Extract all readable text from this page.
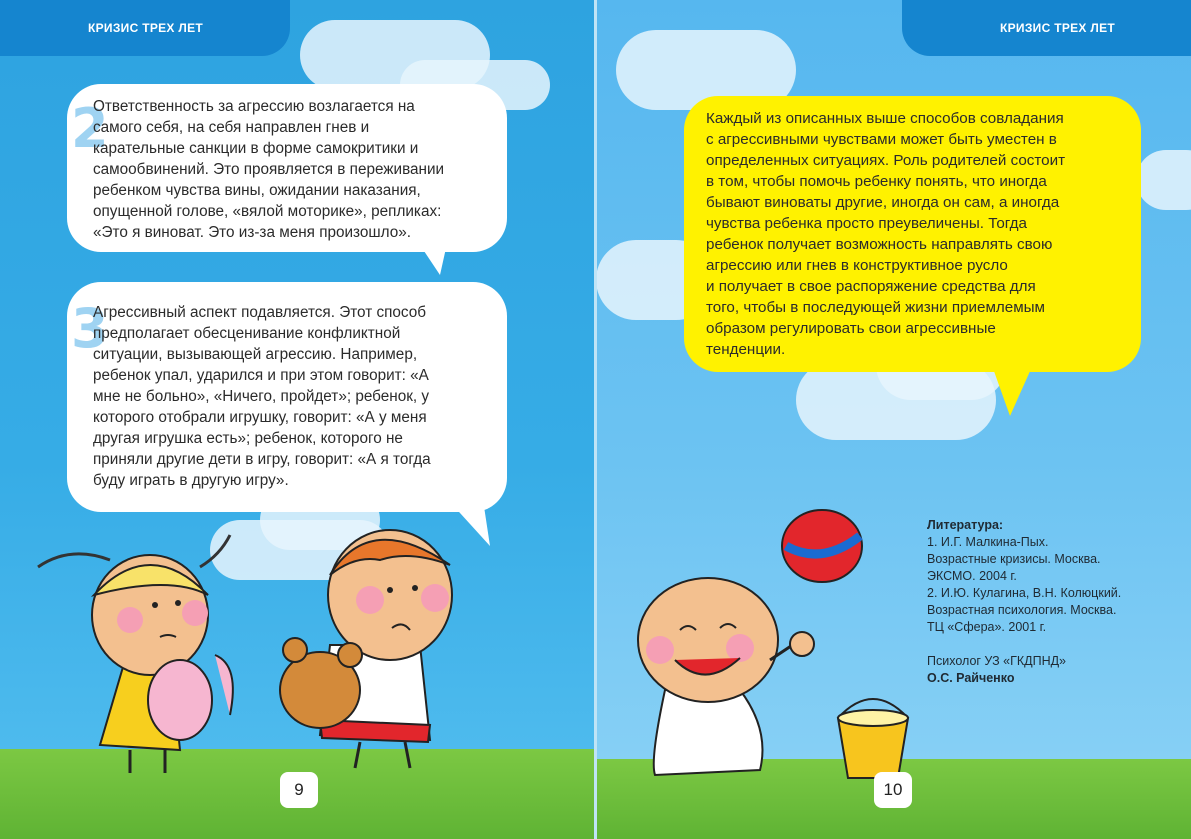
КРИЗИС ТРЕХ ЛЕТ	КРИЗИС ТРЕХ ЛЕТ
2

Ответственность за агрессию возлагается на
самого себя, на себя направлен гнев и
карательные санкции в форме самокритики и
самообвинений. Это проявляется в переживании
ребенком чувства вины, ожидании наказания,
опущенной голове, «вялой моторике», репликах:
«Это я виноват. Это из-за меня произошло».

3

Агрессивный аспект подавляется. Этот способ
предполагает обесценивание конфликтной
ситуации, вызывающей агрессию. Например,
ребенок упал, ударился и при этом говорит: «А
мне не больно», «Ничего, пройдет»; ребенок, у
которого отобрали игрушку, говорит: «А у меня
другая игрушка есть»; ребенок, которого не
приняли другие дети в игру, говорит: «А я тогда
буду играть в другую игру».

Каждый из описанных выше способов совладания
с агрессивными чувствами может быть уместен в
определенных ситуациях. Роль родителей состоит
в том, чтобы помочь ребенку понять, что иногда
бывают виноваты другие, иногда он сам, а иногда
чувства ребенка просто преувеличены. Тогда
ребенок получает возможность направлять свою
агрессию или гнев в конструктивное русло
и получает в свое распоряжение средства для
того, чтобы в последующей жизни приемлемым
образом регулировать свои агрессивные
тенденции.

Литература:
1. И.Г. Малкина-Пых.
Возрастные кризисы. Москва.
ЭКСМО. 2004 г.
2. И.Ю. Кулагина, В.Н. Колюцкий.
Возрастная психология. Москва.
ТЦ «Сфера». 2001 г.
Психолог УЗ «ГКДПНД»
О.С. Райченко
9	10
